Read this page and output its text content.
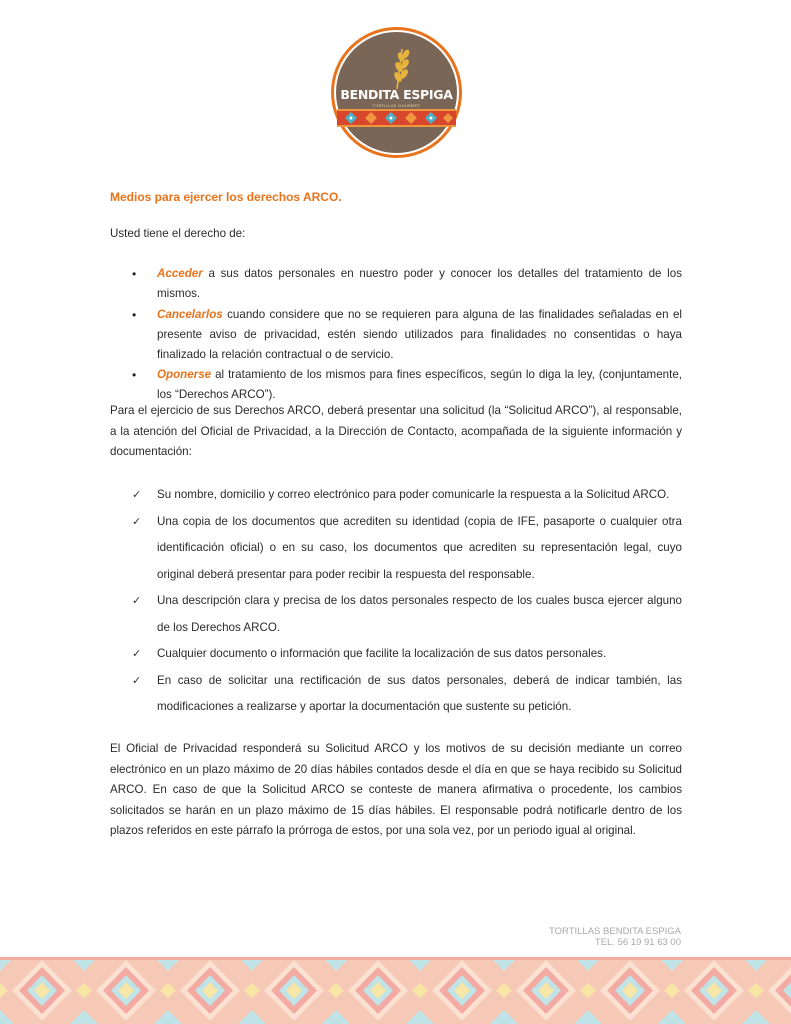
BENDITA ESPIGA
TORTILLAS GOURMET
Medios para ejercer los derechos ARCO.
Usted tiene el derecho de:
• Acceder a sus datos personales en nuestro poder y conocer los detalles del tratamiento de los mismos.
• Cancelarlos cuando considere que no se requieren para alguna de las finalidades señaladas en el presente aviso de privacidad, estén siendo utilizados para finalidades no consentidas o haya finalizado la relación contractual o de servicio.
• Oponerse al tratamiento de los mismos para fines específicos, según lo diga la ley, (conjuntamente, los “Derechos ARCO”).

Para el ejercicio de sus Derechos ARCO, deberá presentar una solicitud (la “Solicitud ARCO”), al responsable, a la atención del Oficial de Privacidad, a la Dirección de Contacto, acompañada de la siguiente información y documentación:

✓ Su nombre, domicilio y correo electrónico para poder comunicarle la respuesta a la Solicitud ARCO.
✓ Una copia de los documentos que acrediten su identidad (copia de IFE, pasaporte o cualquier otra identificación oficial) o en su caso, los documentos que acrediten su representación legal, cuyo original deberá presentar para poder recibir la respuesta del responsable.
✓ Una descripción clara y precisa de los datos personales respecto de los cuales busca ejercer alguno de los Derechos ARCO.
✓ Cualquier documento o información que facilite la localización de sus datos personales.
✓ En caso de solicitar una rectificación de sus datos personales, deberá de indicar también, las modificaciones a realizarse y aportar la documentación que sustente su petición.

El Oficial de Privacidad responderá su Solicitud ARCO y los motivos de su decisión mediante un correo electrónico en un plazo máximo de 20 días hábiles contados desde el día en que se haya recibido su Solicitud ARCO. En caso de que la Solicitud ARCO se conteste de manera afirmativa o procedente, los cambios solicitados se harán en un plazo máximo de 15 días hábiles. El responsable podrá notificarle dentro de los plazos referidos en este párrafo la prórroga de estos, por una sola vez, por un periodo igual al original.

TORTILLAS BENDITA ESPIGA
TEL. 56 19 91 63 00
